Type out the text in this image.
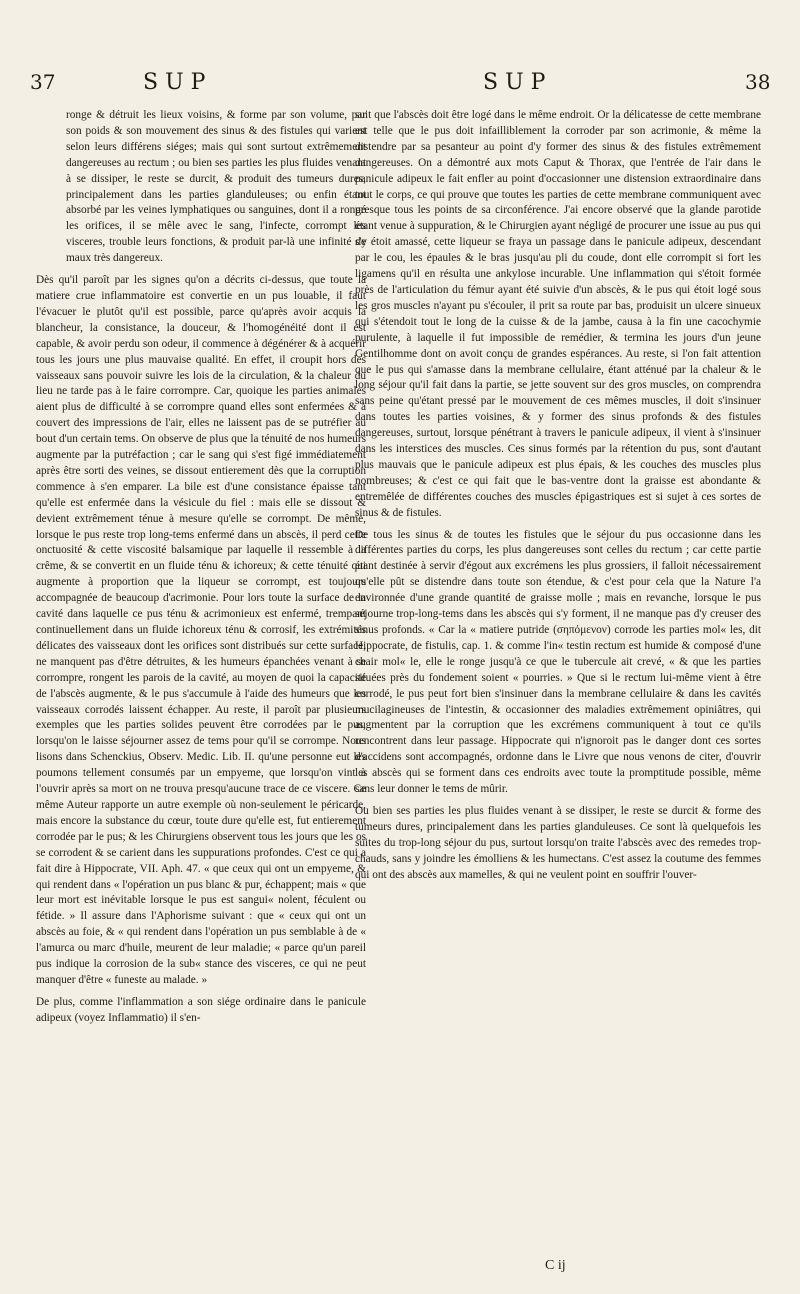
37	SUP	SUP	38

ronge & détruit les lieux voisins, & forme par son volume, par son poids & son mouvement des sinus & des fistules qui varient selon leurs différens siéges; mais qui sont surtout extrêmement dangereuses au rectum ; ou bien ses parties les plus fluides venant à se dissiper, le reste se durcit, & produit des tumeurs dures, principalement dans les parties glanduleuses; ou enfin étant absorbé par les veines lymphatiques ou sanguines, dont il a rongé les orifices, il se mêle avec le sang, l'infecte, corrompt les visceres, trouble leurs fonctions, & produit par-là une infinité de maux très dangereux.

Dès qu'il paroît par les signes qu'on a décrits ci-dessus, que toute la matiere crue inflammatoire est convertie en un pus louable, il faut l'évacuer le plutôt qu'il est possible, parce qu'après avoir acquis la blancheur, la consistance, la douceur, & l'homogénéité dont il est capable, & avoir perdu son odeur, il commence à dégénérer & à acquérir tous les jours une plus mauvaise qualité. En effet, il croupit hors des vaisseaux sans pouvoir suivre les lois de la circulation, & la chaleur du lieu ne tarde pas à le faire corrompre. Car, quoique les parties animales aient plus de difficulté à se corrompre quand elles sont enfermées & à couvert des impressions de l'air, elles ne laissent pas de se putréfier au bout d'un certain tems. On observe de plus que la ténuité de nos humeurs augmente par la putréfaction ; car le sang qui s'est figé immédiatement après être sorti des veines, se dissout entierement dès que la corruption commence à s'en emparer. La bile est d'une consistance épaisse tant qu'elle est enfermée dans la vésicule du fiel : mais elle se dissout & devient extrêmement ténue à mesure qu'elle se corrompt. De même, lorsque le pus reste trop long-tems enfermé dans un abscès, il perd cette onctuosité & cette viscosité balsamique par laquelle il ressemble à la crême, & se convertit en un fluide ténu & ichoreux; & cette ténuité qui augmente à proportion que la liqueur se corrompt, est toujours accompagnée de beaucoup d'acrimonie. Pour lors toute la surface de la cavité dans laquelle ce pus ténu & acrimonieux est enfermé, trempant continuellement dans un fluide ichoreux ténu & corrosif, les extrémités délicates des vaisseaux dont les orifices sont distribués sur cette surface, ne manquent pas d'être détruites, & les humeurs épanchées venant à se corrompre, rongent les parois de la cavité, au moyen de quoi la capacité de l'abscès augmente, & le pus s'accumule à l'aide des humeurs que les vaisseaux corrodés laissent échapper. Au reste, il paroît par plusieurs exemples que les parties solides peuvent être corrodées par le pus, lorsqu'on le laisse séjourner assez de tems pour qu'il se corrompe. Nous lisons dans Schenckius, Observ. Medic. Lib. II. qu'une personne eut les poumons tellement consumés par un empyeme, que lorsqu'on vint à l'ouvrir après sa mort on ne trouva presqu'aucune trace de ce viscere. Ce même Auteur rapporte un autre exemple où non-seulement le péricarde, mais encore la substance du cœur, toute dure qu'elle est, fut entierement corrodée par le pus; & les Chirurgiens observent tous les jours que les os se corrodent & se carient dans les suppurations profondes. C'est ce qui a fait dire à Hippocrate, VII. Aph. 47. « que ceux qui ont un empyeme, & qui rendent dans « l'opération un pus blanc & pur, échappent; mais « que leur mort est inévitable lorsque le pus est sangui« nolent, féculent ou fétide. » Il assure dans l'Aphorisme suivant : que « ceux qui ont un abscès au foie, & « qui rendent dans l'opération un pus semblable à de « l'amurca ou marc d'huile, meurent de leur maladie; « parce qu'un pareil pus indique la corrosion de la sub« stance des visceres, ce qui ne peut manquer d'être « funeste au malade. »

De plus, comme l'inflammation a son siége ordinaire dans le panicule adipeux (voyez Inflammatio) il s'en-

suit que l'abscès doit être logé dans le même endroit. Or la délicatesse de cette membrane est telle que le pus doit infailliblement la corroder par son acrimonie, & même la distendre par sa pesanteur au point d'y former des sinus & des fistules extrêmement dangereuses. On a démontré aux mots Caput & Thorax, que l'entrée de l'air dans le panicule adipeux le fait enfler au point d'occasionner une distension extraordinaire dans tout le corps, ce qui prouve que toutes les parties de cette membrane communiquent avec presque tous les points de sa circonférence. J'ai encore observé que la glande parotide étant venue à suppuration, & le Chirurgien ayant négligé de procurer une issue au pus qui s'y étoit amassé, cette liqueur se fraya un passage dans le panicule adipeux, descendant par le cou, les épaules & le bras jusqu'au pli du coude, dont elle corrompit si fort les ligamens qu'il en résulta une ankylose incurable. Une inflammation qui s'étoit formée près de l'articulation du fémur ayant été suivie d'un abscès, & le pus qui étoit logé sous les gros muscles n'ayant pu s'écouler, il prit sa route par bas, produisit un ulcere sinueux qui s'étendoit tout le long de la cuisse & de la jambe, causa à la fin une cacochymie purulente, à laquelle il fut impossible de remédier, & termina les jours d'un jeune Gentilhomme dont on avoit conçu de grandes espérances. Au reste, si l'on fait attention que le pus qui s'amasse dans la membrane cellulaire, étant atténué par la chaleur & le long séjour qu'il fait dans la partie, se jette souvent sur des gros muscles, on comprendra sans peine qu'étant pressé par le mouvement de ces mêmes muscles, il doit s'insinuer dans toutes les parties voisines, & y former des sinus profonds & des fistules dangereuses, surtout, lorsque pénétrant à travers le panicule adipeux, il vient à s'insinuer dans les interstices des muscles. Ces sinus formés par la rétention du pus, sont d'autant plus mauvais que le panicule adipeux est plus épais, & les couches des muscles plus nombreuses; & c'est ce qui fait que le bas-ventre dont la graisse est abondante & entremêlée de différentes couches des muscles épigastriques est si sujet à ces sortes de sinus & de fistules.

De tous les sinus & de toutes les fistules que le séjour du pus occasionne dans les différentes parties du corps, les plus dangereuses sont celles du rectum ; car cette partie étant destinée à servir d'égout aux excrémens les plus grossiers, il falloit nécessairement qu'elle pût se distendre dans toute son étendue, & c'est pour cela que la Nature l'a environnée d'une grande quantité de graisse molle ; mais en revanche, lorsque le pus séjourne trop-long-tems dans les abscès qui s'y forment, il ne manque pas d'y creuser des sinus profonds. « Car la « matiere putride (σηπόμενον) corrode les parties mol« les, dit Hippocrate, de fistulis, cap. 1. & comme l'in« testin rectum est humide & composé d'une chair mol« le, elle le ronge jusqu'à ce que le tubercule ait crevé, « & que les parties situées près du fondement soient « pourries. » Que si le rectum lui-même vient à être corrodé, le pus peut fort bien s'insinuer dans la membrane cellulaire & dans les cavités mucilagineuses de l'intestin, & occasionner des maladies extrêmement opiniâtres, qui augmentent par la corruption que les excrémens communiquent à tout ce qu'ils rencontrent dans leur passage. Hippocrate qui n'ignoroit pas le danger dont ces sortes d'accidens sont accompagnés, ordonne dans le Livre que nous venons de citer, d'ouvrir les abscès qui se forment dans ces endroits avec toute la promptitude possible, même sans leur donner le tems de mûrir.

Ou bien ses parties les plus fluides venant à se dissiper, le reste se durcit & forme des tumeurs dures, principalement dans les parties glanduleuses. Ce sont là quelquefois les suites du trop-long séjour du pus, surtout lorsqu'on traite l'abscès avec des remedes trop-chauds, sans y joindre les émolliens & les humectans. C'est assez la coutume des femmes qui ont des abscès aux mamelles, & qui ne veulent point en souffrir l'ouver-

C ij
